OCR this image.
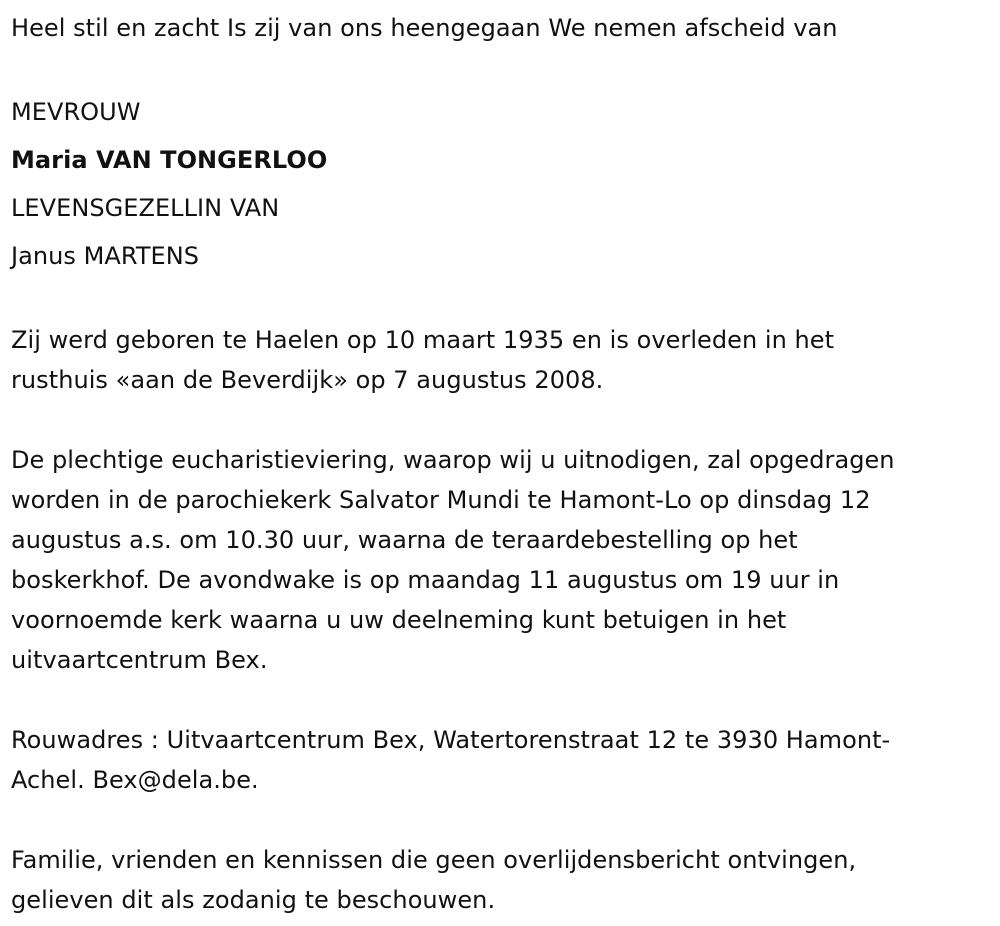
Heel stil en zacht Is zij van ons heengegaan We nemen afscheid van

MEVROUW

Maria VAN TONGERLOO

LEVENSGEZELLIN VAN

Janus MARTENS

Zij werd geboren te Haelen op 10 maart 1935 en is overleden in het

rusthuis «aan de Beverdijk» op 7 augustus 2008.

De plechtige eucharistieviering, waarop wij u uitnodigen, zal opgedragen

worden in de parochiekerk Salvator Mundi te Hamont-Lo op dinsdag 12

augustus a.s. om 10.30 uur, waarna de teraardebestelling op het

boskerkhof. De avondwake is op maandag 11 augustus om 19 uur in

voornoemde kerk waarna u uw deelneming kunt betuigen in het

uitvaartcentrum Bex.

Rouwadres : Uitvaartcentrum Bex, Watertorenstraat 12 te 3930 Hamont-

Achel. Bex@dela.be.

Familie, vrienden en kennissen die geen overlijdensbericht ontvingen,

gelieven dit als zodanig te beschouwen.
